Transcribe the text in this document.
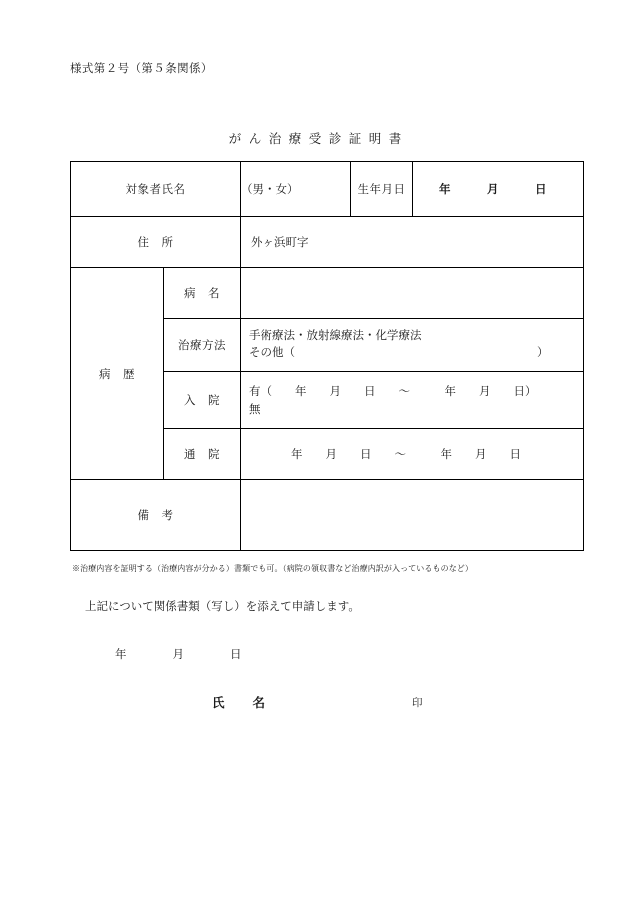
様式第２号（第５条関係）
がん治療受診証明書
対象者氏名		（男・女）	生年月日	年　　　月　　　日
住　所		外ヶ浜町字		
病　歴	病　名			
	治療方法	手術療法・放射線療法・化学療法
その他（ ）		

	入　院	有（　　年　　月　　日　　～　　　年　　月　　日）
無		

	通　院	年　　月　　日　　～　　　年　　月　　日		

備　考				
※治療内容を証明する（治療内容が分かる）書類でも可。（病院の領収書など治療内訳が入っているものなど）
上記について関係書類（写し）を添えて申請します。
年　　　　月　　　　日
氏　　名	印
